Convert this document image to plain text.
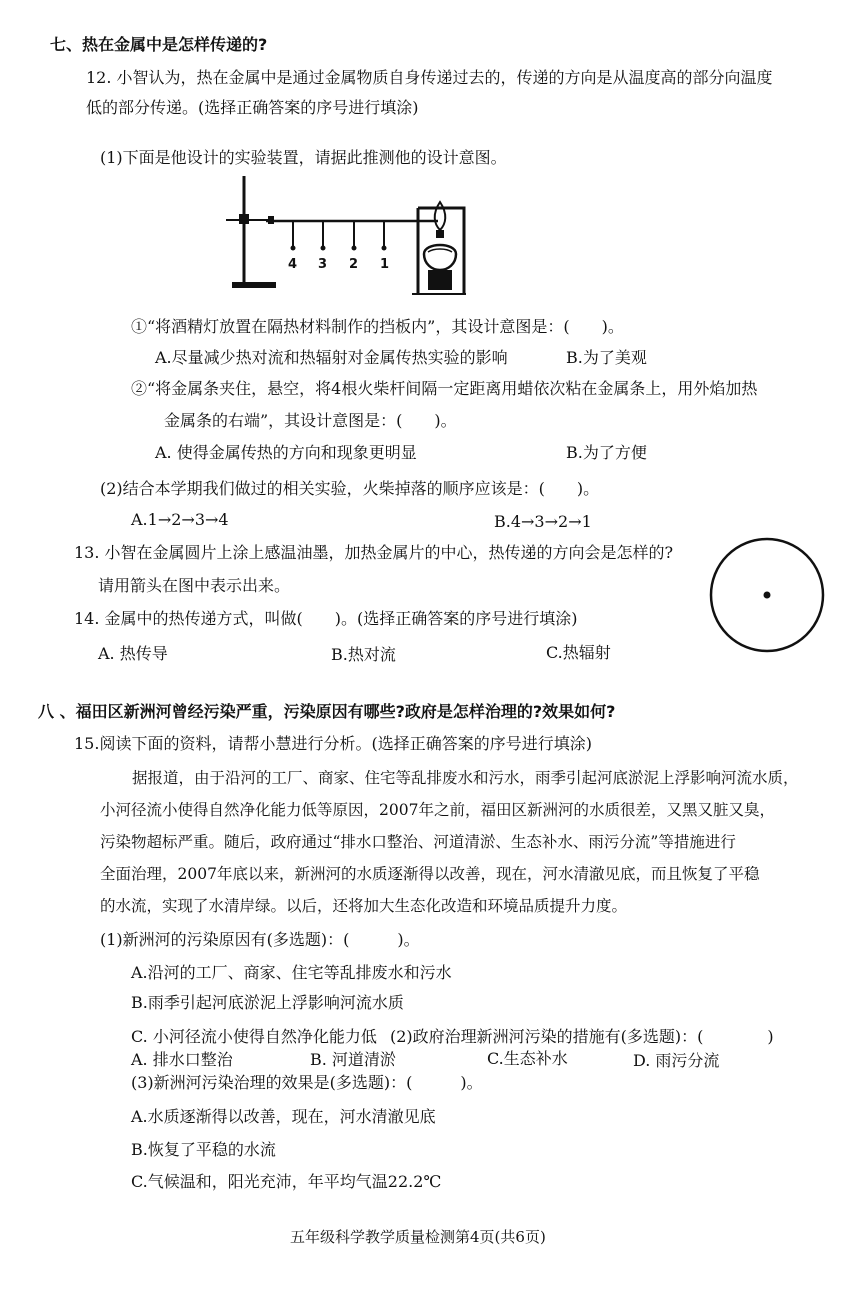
七、热在金属中是怎样传递的?
12. 小智认为，热在金属中是通过金属物质自身传递过去的，传递的方向是从温度高的部分向温度
低的部分传递。(选择正确答案的序号进行填涂)
(1)下面是他设计的实验装置，请据此推测他的设计意图。
4 3 2 1
①“将酒精灯放置在隔热材料制作的挡板内”，其设计意图是：(　　)。
A.尽量减少热对流和热辐射对金属传热实验的影响	B.为了美观
②“将金属条夹住，悬空，将4根火柴杆间隔一定距离用蜡依次粘在金属条上，用外焰加热
金属条的右端”，其设计意图是：(　　)。
A. 使得金属传热的方向和现象更明显	B.为了方便
(2)结合本学期我们做过的相关实验，火柴掉落的顺序应该是：(　　)。
A.1→2→3→4	B.4→3→2→1
13. 小智在金属圆片上涂上感温油墨，加热金属片的中心，热传递的方向会是怎样的?
请用箭头在图中表示出来。
14. 金属中的热传递方式，叫做(　　)。(选择正确答案的序号进行填涂)
A. 热传导	B.热对流	C.热辐射
八 、福田区新洲河曾经污染严重，污染原因有哪些?政府是怎样治理的?效果如何?
15.阅读下面的资料，请帮小慧进行分析。(选择正确答案的序号进行填涂)
据报道，由于沿河的工厂、商家、住宅等乱排废水和污水，雨季引起河底淤泥上浮影响河流水质，
小河径流小使得自然净化能力低等原因，2007年之前，福田区新洲河的水质很差，又黑又脏又臭，
污染物超标严重。随后，政府通过“排水口整治、河道清淤、生态补水、雨污分流”等措施进行
全面治理，2007年底以来，新洲河的水质逐渐得以改善，现在，河水清澈见底，而且恢复了平稳
的水流，实现了水清岸绿。以后，还将加大生态化改造和环境品质提升力度。
(1)新洲河的污染原因有(多选题)：(　　　)。
A.沿河的工厂、商家、住宅等乱排废水和污水
B.雨季引起河底淤泥上浮影响河流水质
C. 小河径流小使得自然净化能力低 (2)政府治理新洲河污染的措施有(多选题)：(　　　　)
A. 排水口整治	B. 河道清淤	C.生态补水	D. 雨污分流
(3)新洲河污染治理的效果是(多选题)：(　　　)。
A.水质逐渐得以改善，现在，河水清澈见底
B.恢复了平稳的水流
C.气候温和，阳光充沛，年平均气温22.2℃
五年级科学教学质量检测第4页(共6页)
